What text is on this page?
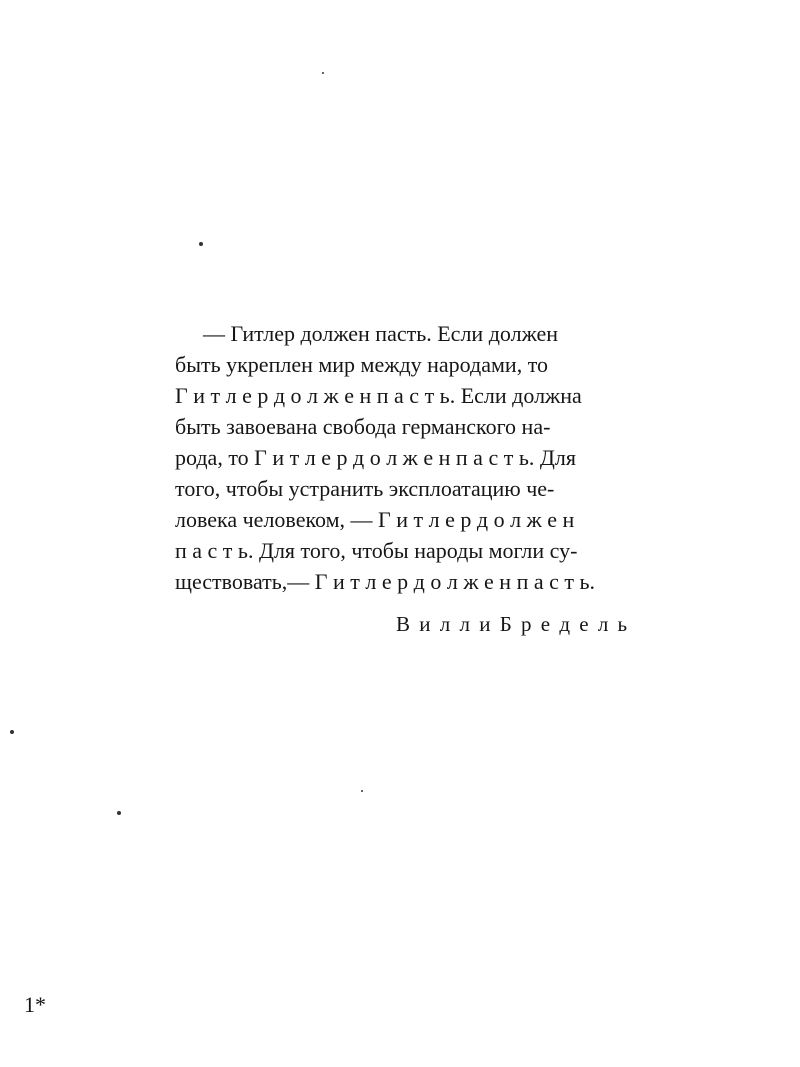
— Гитлер должен пасть. Если должен
быть укреплен мир между народами, то
Г и т л е р д о л ж е н п а с т ь. Если должна
быть завоевана свобода германского на-
рода, то Г и т л е р д о л ж е н п а с т ь. Для
того, чтобы устранить эксплоатацию че-
ловека человеком, — Г и т л е р д о л ж е н
п а с т ь. Для того, чтобы народы могли су-
ществовать,— Г и т л е р д о л ж е н п а с т ь.
В и л л и Б р е д е л ь
1*
